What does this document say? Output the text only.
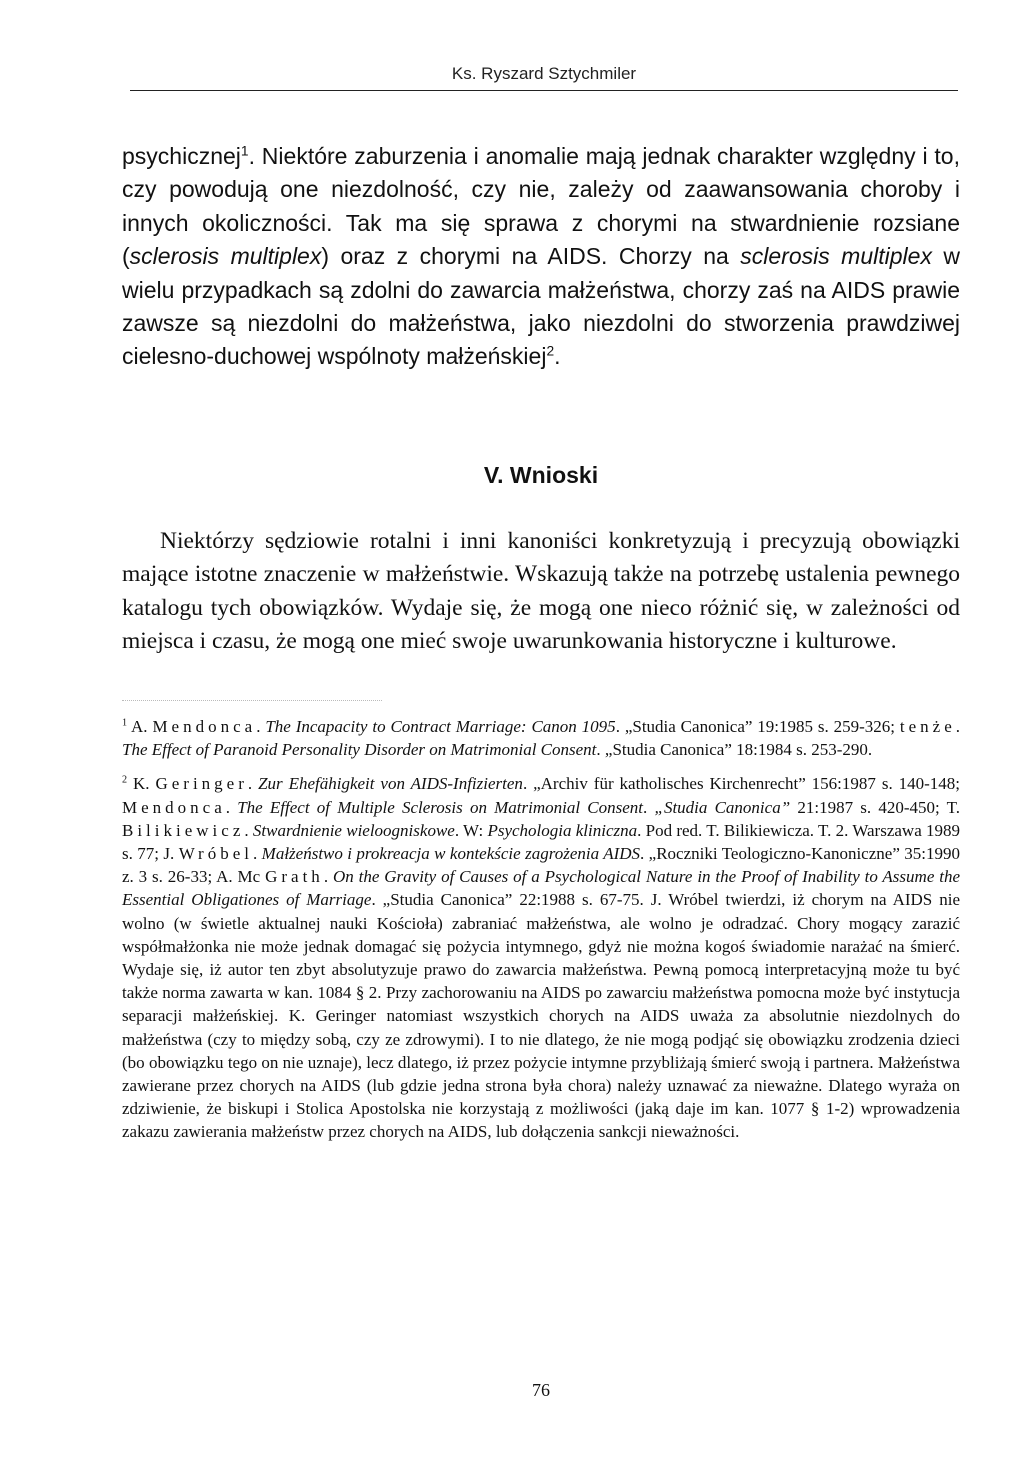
Ks. Ryszard Sztychmiler

psychicznej$^1$. Niektóre zaburzenia i anomalie mają jednak charakter względny i to, czy powodują one niezdolność, czy nie, zależy od zaawansowania choroby i innych okoliczności. Tak ma się sprawa z chorymi na stwardnienie rozsiane (sclerosis multiplex) oraz z chorymi na AIDS. Chorzy na sclerosis multiplex w wielu przypadkach są zdolni do zawarcia małżeństwa, chorzy zaś na AIDS prawie zawsze są niezdolni do małżeństwa, jako niezdolni do stworzenia prawdziwej cielesno-duchowej wspólnoty małżeńskiej$^2$.

V. Wnioski

Niektórzy sędziowie rotalni i inni kanoniści konkretyzują i precyzują obowiązki mające istotne znaczenie w małżeństwie. Wskazują także na potrzebę ustalenia pewnego katalogu tych obowiązków. Wydaje się, że mogą one nieco różnić się, w zależności od miejsca i czasu, że mogą one mieć swoje uwarunkowania historyczne i kulturowe.

$^1$ A. Mendonca. The Incapacity to Contract Marriage: Canon 1095. „Studia Canonica” 19:1985 s. 259-326; tenże. The Effect of Paranoid Personality Disorder on Matrimonial Consent. „Studia Canonica” 18:1984 s. 253-290.

$^2$ K. Geringer. Zur Ehefähigkeit von AIDS-Infizierten. „Archiv für katholisches Kirchenrecht” 156:1987 s. 140-148; Mendonca. The Effect of Multiple Sclerosis on Matrimonial Consent. „Studia Canonica” 21:1987 s. 420-450; T. Bilikiewicz. Stwardnienie wieloogniskowe. W: Psychologia kliniczna. Pod red. T. Bilikiewicza. T. 2. Warszawa 1989 s. 77; J. Wróbel. Małżeństwo i prokreacja w kontekście zagrożenia AIDS. „Roczniki Teologiczno-Kanoniczne” 35:1990 z. 3 s. 26-33; A. Mc Grath. On the Gravity of Causes of a Psychological Nature in the Proof of Inability to Assume the Essential Obligationes of Marriage. „Studia Canonica” 22:1988 s. 67-75. J. Wróbel twierdzi, iż chorym na AIDS nie wolno (w świetle aktualnej nauki Kościoła) zabraniać małżeństwa, ale wolno je odradzać. Chory mogący zarazić współmałżonka nie może jednak domagać się pożycia intymnego, gdyż nie można kogoś świadomie narażać na śmierć. Wydaje się, iż autor ten zbyt absolutyzuje prawo do zawarcia małżeństwa. Pewną pomocą interpretacyjną może tu być także norma zawarta w kan. 1084 § 2. Przy zachorowaniu na AIDS po zawarciu małżeństwa pomocna może być instytucja separacji małżeńskiej. K. Geringer natomiast wszystkich chorych na AIDS uważa za absolutnie niezdolnych do małżeństwa (czy to między sobą, czy ze zdrowymi). I to nie dlatego, że nie mogą podjąć się obowiązku zrodzenia dzieci (bo obowiązku tego on nie uznaje), lecz dlatego, iż przez pożycie intymne przybliżają śmierć swoją i partnera. Małżeństwa zawierane przez chorych na AIDS (lub gdzie jedna strona była chora) należy uznawać za nieważne. Dlatego wyraża on zdziwienie, że biskupi i Stolica Apostolska nie korzystają z możliwości (jaką daje im kan. 1077 § 1-2) wprowadzenia zakazu zawierania małżeństw przez chorych na AIDS, lub dołączenia sankcji nieważności.

76
